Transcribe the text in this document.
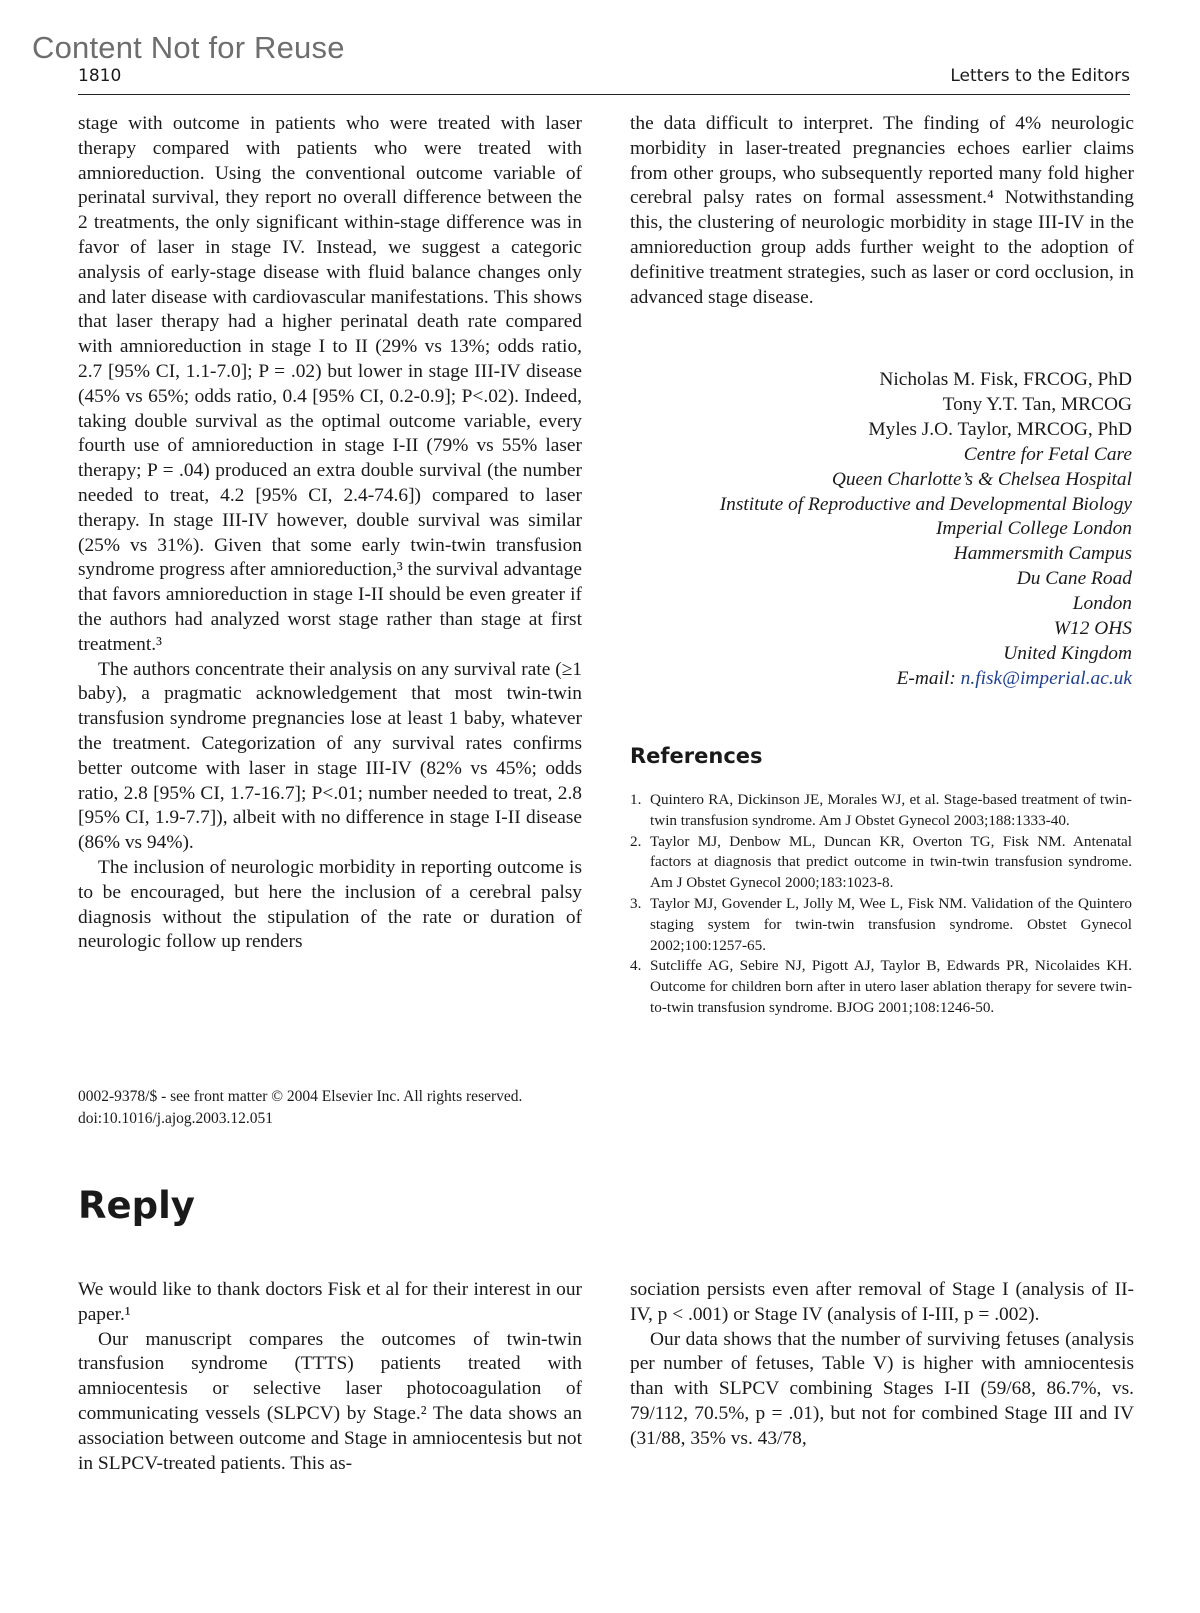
Content Not for Reuse
1810	Letters to the Editors

stage with outcome in patients who were treated with laser therapy compared with patients who were treated with amnioreduction. Using the conventional outcome variable of perinatal survival, they report no overall difference between the 2 treatments, the only significant within-stage difference was in favor of laser in stage IV. Instead, we suggest a categoric analysis of early-stage disease with fluid balance changes only and later disease with cardiovascular manifestations. This shows that laser therapy had a higher perinatal death rate compared with amnioreduction in stage I to II (29% vs 13%; odds ratio, 2.7 [95% CI, 1.1-7.0]; P = .02) but lower in stage III-IV disease (45% vs 65%; odds ratio, 0.4 [95% CI, 0.2-0.9]; P<.02). Indeed, taking double survival as the optimal outcome variable, every fourth use of amnioreduction in stage I-II (79% vs 55% laser therapy; P = .04) produced an extra double survival (the number needed to treat, 4.2 [95% CI, 2.4-74.6]) compared to laser therapy. In stage III-IV however, double survival was similar (25% vs 31%). Given that some early twin-twin transfusion syndrome progress after amnioreduction,³ the survival advantage that favors amnioreduction in stage I-II should be even greater if the authors had analyzed worst stage rather than stage at first treatment.³

The authors concentrate their analysis on any survival rate (≥1 baby), a pragmatic acknowledgement that most twin-twin transfusion syndrome pregnancies lose at least 1 baby, whatever the treatment. Categorization of any survival rates confirms better outcome with laser in stage III-IV (82% vs 45%; odds ratio, 2.8 [95% CI, 1.7-16.7]; P<.01; number needed to treat, 2.8 [95% CI, 1.9-7.7]), albeit with no difference in stage I-II disease (86% vs 94%).

The inclusion of neurologic morbidity in reporting outcome is to be encouraged, but here the inclusion of a cerebral palsy diagnosis without the stipulation of the rate or duration of neurologic follow up renders

the data difficult to interpret. The finding of 4% neurologic morbidity in laser-treated pregnancies echoes earlier claims from other groups, who subsequently reported many fold higher cerebral palsy rates on formal assessment.⁴ Notwithstanding this, the clustering of neurologic morbidity in stage III-IV in the amnioreduction group adds further weight to the adoption of definitive treatment strategies, such as laser or cord occlusion, in advanced stage disease.

Nicholas M. Fisk, FRCOG, PhD
Tony Y.T. Tan, MRCOG
Myles J.O. Taylor, MRCOG, PhD
Centre for Fetal Care
Queen Charlotte’s & Chelsea Hospital
Institute of Reproductive and Developmental Biology
Imperial College London
Hammersmith Campus
Du Cane Road
London
W12 OHS
United Kingdom
E-mail: n.fisk@imperial.ac.uk
References
1. Quintero RA, Dickinson JE, Morales WJ, et al. Stage-based treatment of twin-twin transfusion syndrome. Am J Obstet Gynecol 2003;188:1333-40.
2. Taylor MJ, Denbow ML, Duncan KR, Overton TG, Fisk NM. Antenatal factors at diagnosis that predict outcome in twin-twin transfusion syndrome. Am J Obstet Gynecol 2000;183:1023-8.
3. Taylor MJ, Govender L, Jolly M, Wee L, Fisk NM. Validation of the Quintero staging system for twin-twin transfusion syndrome. Obstet Gynecol 2002;100:1257-65.
4. Sutcliffe AG, Sebire NJ, Pigott AJ, Taylor B, Edwards PR, Nicolaides KH. Outcome for children born after in utero laser ablation therapy for severe twin-to-twin transfusion syndrome. BJOG 2001;108:1246-50.
0002-9378/$ - see front matter © 2004 Elsevier Inc. All rights reserved.
doi:10.1016/j.ajog.2003.12.051
Reply

We would like to thank doctors Fisk et al for their interest in our paper.¹

Our manuscript compares the outcomes of twin-twin transfusion syndrome (TTTS) patients treated with amniocentesis or selective laser photocoagulation of communicating vessels (SLPCV) by Stage.² The data shows an association between outcome and Stage in amniocentesis but not in SLPCV-treated patients. This as-

sociation persists even after removal of Stage I (analysis of II-IV, p < .001) or Stage IV (analysis of I-III, p = .002).

Our data shows that the number of surviving fetuses (analysis per number of fetuses, Table V) is higher with amniocentesis than with SLPCV combining Stages I-II (59/68, 86.7%, vs. 79/112, 70.5%, p = .01), but not for combined Stage III and IV (31/88, 35% vs. 43/78,
